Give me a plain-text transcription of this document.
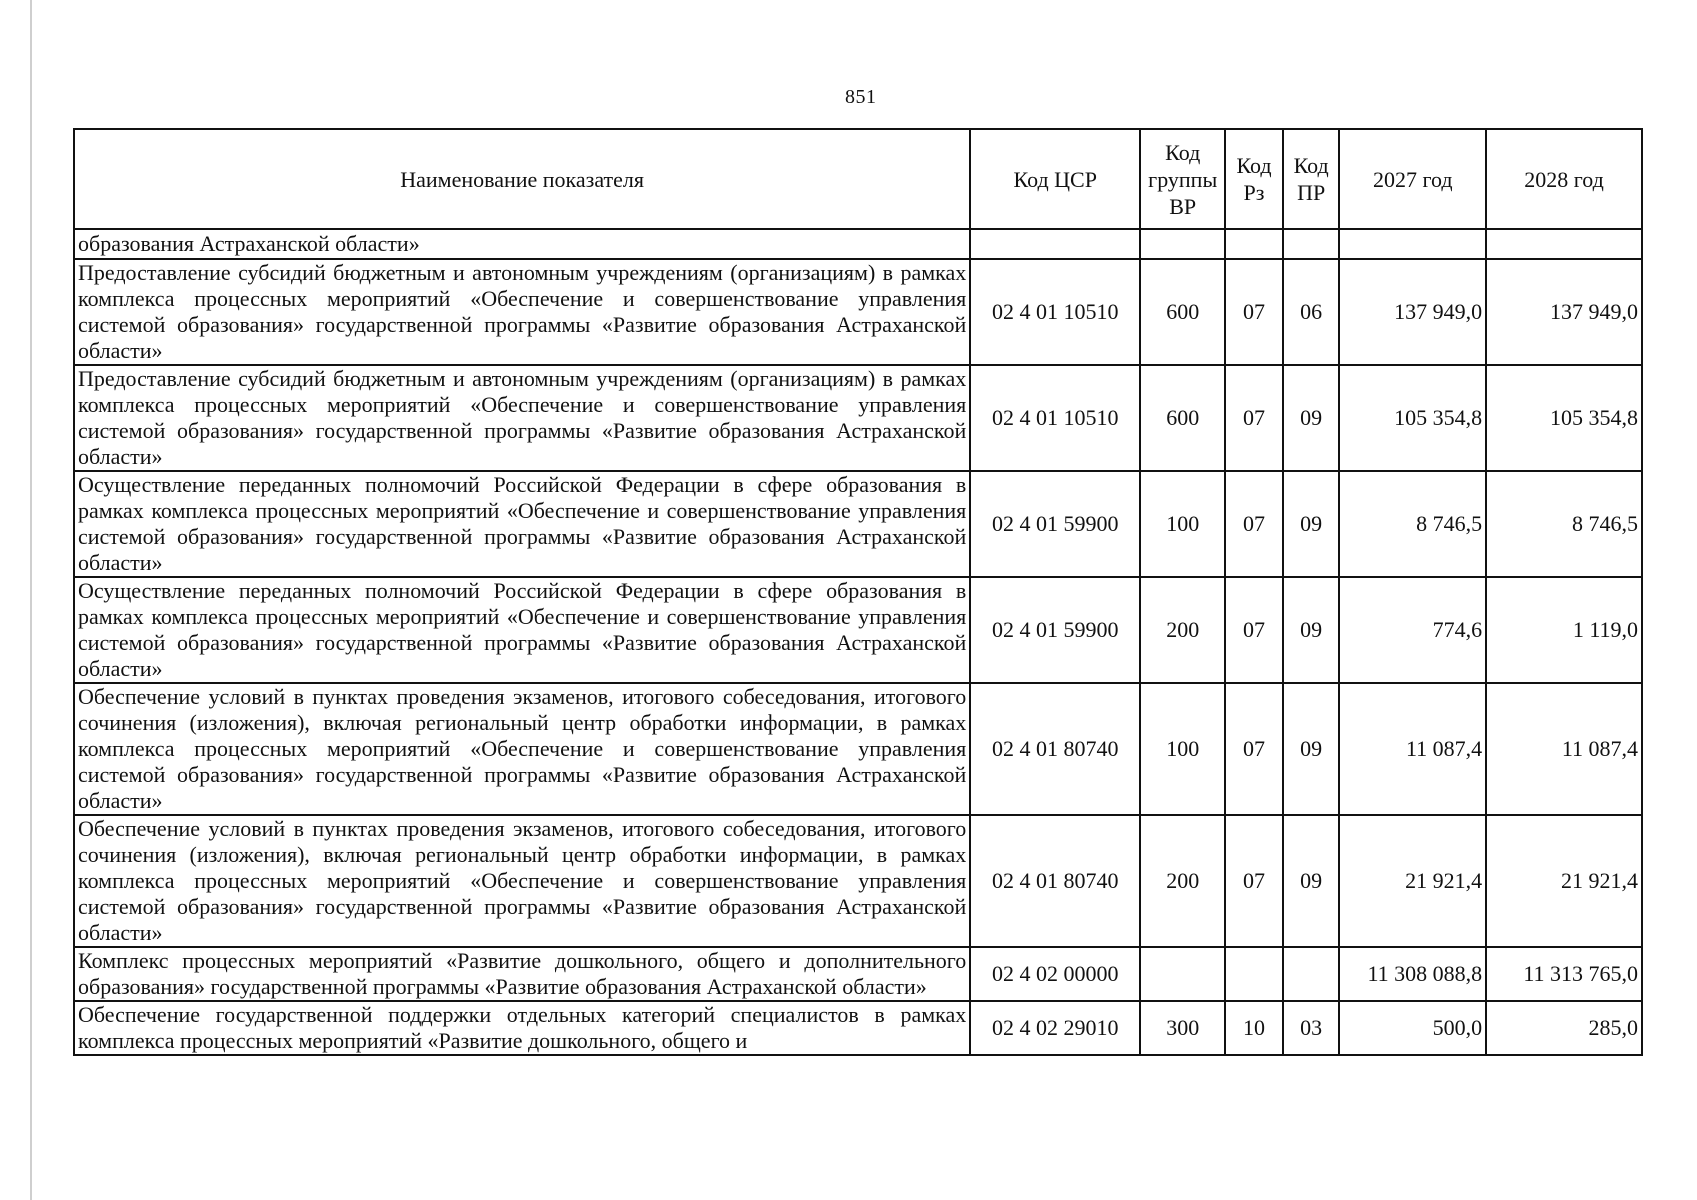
851
Наименование показателя	Код ЦСР	Код группы ВР	Код Рз	Код ПР	2027 год	2028 год
образования Астраханской области»						
Предоставление субсидий бюджетным и автономным учреждениям (организациям) в рамках комплекса процессных мероприятий «Обеспечение и совершенствование управления системой образования» государственной программы «Развитие образования Астраханской области»	02 4 01 10510	600	07	06	137 949,0	137 949,0
Предоставление субсидий бюджетным и автономным учреждениям (организациям) в рамках комплекса процессных мероприятий «Обеспечение и совершенствование управления системой образования» государственной программы «Развитие образования Астраханской области»	02 4 01 10510	600	07	09	105 354,8	105 354,8
Осуществление переданных полномочий Российской Федерации в сфере образования в рамках комплекса процессных мероприятий «Обеспечение и совершенствование управления системой образования» государственной программы «Развитие образования Астраханской области»	02 4 01 59900	100	07	09	8 746,5	8 746,5
Осуществление переданных полномочий Российской Федерации в сфере образования в рамках комплекса процессных мероприятий «Обеспечение и совершенствование управления системой образования» государственной программы «Развитие образования Астраханской области»	02 4 01 59900	200	07	09	774,6	1 119,0
Обеспечение условий в пунктах проведения экзаменов, итогового собеседования, итогового сочинения (изложения), включая региональный центр обработки информации, в рамках комплекса процессных мероприятий «Обеспечение и совершенствование управления системой образования» государственной программы «Развитие образования Астраханской области»	02 4 01 80740	100	07	09	11 087,4	11 087,4
Обеспечение условий в пунктах проведения экзаменов, итогового собеседования, итогового сочинения (изложения), включая региональный центр обработки информации, в рамках комплекса процессных мероприятий «Обеспечение и совершенствование управления системой образования» государственной программы «Развитие образования Астраханской области»	02 4 01 80740	200	07	09	21 921,4	21 921,4
Комплекс процессных мероприятий «Развитие дошкольного, общего и дополнительного образования» государственной программы «Развитие образования Астраханской области»	02 4 02 00000				11 308 088,8	11 313 765,0
Обеспечение государственной поддержки отдельных категорий специалистов в рамках комплекса процессных мероприятий «Развитие дошкольного, общего и	02 4 02 29010	300	10	03	500,0	285,0
